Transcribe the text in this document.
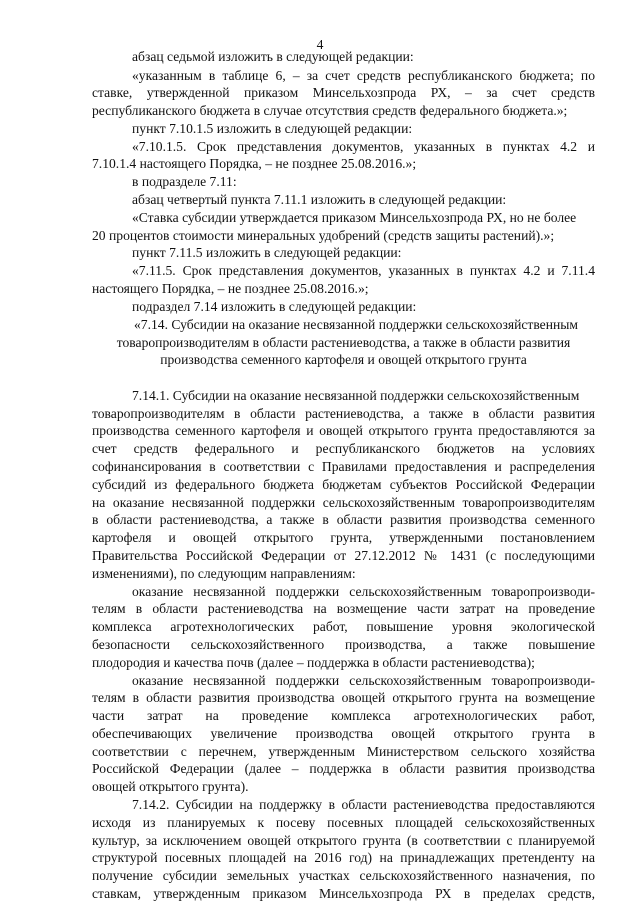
4
абзац седьмой изложить в следующей редакции:
«указанным в таблице 6, – за счет средств республиканского бюджета; по
ставке, утвержденной приказом Минсельхозпрода РХ, – за счет средств
республиканского бюджета в случае отсутствия средств федерального бюджета.»;
пункт 7.10.1.5 изложить в следующей редакции:
«7.10.1.5. Срок представления документов, указанных в пунктах 4.2 и
7.10.1.4 настоящего Порядка, – не позднее 25.08.2016.»;
в подразделе 7.11:
абзац четвертый пункта 7.11.1 изложить в следующей редакции:
«Ставка субсидии утверждается приказом Минсельхозпрода РХ, но не более
20 процентов стоимости минеральных удобрений (средств защиты растений).»;
пункт 7.11.5 изложить в следующей редакции:
«7.11.5. Срок представления документов, указанных в пунктах 4.2 и 7.11.4
настоящего Порядка, – не позднее 25.08.2016.»;
подраздел 7.14 изложить в следующей редакции:
«7.14. Субсидии на оказание несвязанной поддержки сельскохозяйственным
товаропроизводителям в области растениеводства, а также в области развития
производства семенного картофеля и овощей открытого грунта
7.14.1. Субсидии на оказание несвязанной поддержки сельскохозяйственным
товаропроизводителям в области растениеводства, а также в области развития
производства семенного картофеля и овощей открытого грунта предоставляются за
счет средств федерального и республиканского бюджетов на условиях
софинансирования в соответствии с Правилами предоставления и распределения
субсидий из федерального бюджета бюджетам субъектов Российской Федерации
на оказание несвязанной поддержки сельскохозяйственным товаропроизводителям
в области растениеводства, а также в области развития производства семенного
картофеля и овощей открытого грунта, утвержденными постановлением
Правительства Российской Федерации от 27.12.2012 № 1431 (с последующими
изменениями), по следующим направлениям:
оказание несвязанной поддержки сельскохозяйственным товаропроизводи-
телям в области растениеводства на возмещение части затрат на проведение
комплекса агротехнологических работ, повышение уровня экологической
безопасности сельскохозяйственного производства, а также повышение
плодородия и качества почв (далее – поддержка в области растениеводства);
оказание несвязанной поддержки сельскохозяйственным товаропроизводи-
телям в области развития производства овощей открытого грунта на возмещение
части затрат на проведение комплекса агротехнологических работ,
обеспечивающих увеличение производства овощей открытого грунта в
соответствии с перечнем, утвержденным Министерством сельского хозяйства
Российской Федерации (далее – поддержка в области развития производства
овощей открытого грунта).
7.14.2. Субсидии на поддержку в области растениеводства предоставляются
исходя из планируемых к посеву посевных площадей сельскохозяйственных
культур, за исключением овощей открытого грунта (в соответствии с планируемой
структурой посевных площадей на 2016 год) на принадлежащих претенденту на
получение субсидии земельных участках сельскохозяйственного назначения, по
ставкам, утвержденным приказом Минсельхозпрода РХ в пределах средств,
